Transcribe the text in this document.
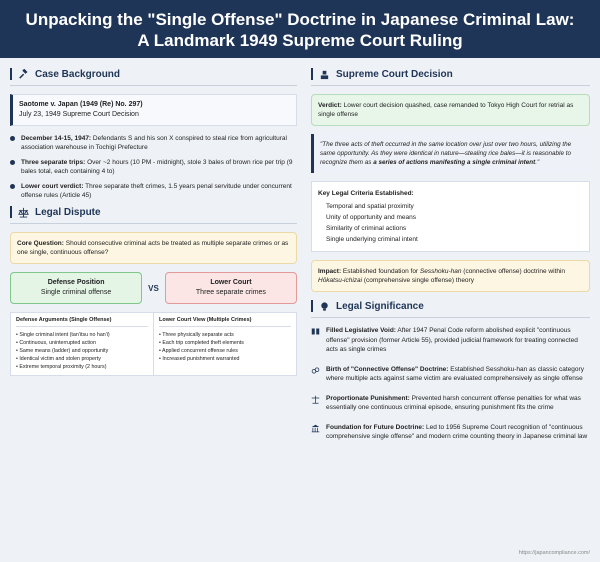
Unpacking the "Single Offense" Doctrine in Japanese Criminal Law:
A Landmark 1949 Supreme Court Ruling
Case Background
Saotome v. Japan (1949 (Re) No. 297)
July 23, 1949 Supreme Court Decision
December 14-15, 1947: Defendants S and his son X conspired to steal rice from agricultural association warehouse in Tochigi Prefecture
Three separate trips: Over ~2 hours (10 PM - midnight), stole 3 bales of brown rice per trip (9 bales total, each containing 4 to)
Lower court verdict: Three separate theft crimes, 1.5 years penal servitude under concurrent offense rules (Article 45)
Legal Dispute
Core Question: Should consecutive criminal acts be treated as multiple separate crimes or as one single, continuous offense?
Defense Position
Single criminal offense	VS
Lower Court
Three separate crimes
Defense Arguments (Single Offense)
• Single criminal intent (tan'itsu no han'i)
• Continuous, uninterrupted action
• Same means (ladder) and opportunity
• Identical victim and stolen property
• Extreme temporal proximity (2 hours)
Lower Court View (Multiple Crimes)
• Three physically separate acts
• Each trip completed theft elements
• Applied concurrent offense rules
• Increased punishment warranted
Supreme Court Decision
Verdict: Lower court decision quashed, case remanded to Tokyo High Court for retrial as single offense
"The three acts of theft occurred in the same location over just over two hours, utilizing the same opportunity. As they were identical in nature—stealing rice bales—it is reasonable to recognize them as a series of actions manifesting a single criminal intent."
Key Legal Criteria Established:
Temporal and spatial proximity
Unity of opportunity and means
Similarity of criminal actions
Single underlying criminal intent
Impact: Established foundation for Sesshoku-han (connective offense) doctrine within Hōkatsu-ichizai (comprehensive single offense) theory
Legal Significance
Filled Legislative Void: After 1947 Penal Code reform abolished explicit "continuous offense" provision (former Article 55), provided judicial framework for treating connected acts as single crimes
Birth of "Connective Offense" Doctrine: Established Sesshoku-han as classic category where multiple acts against same victim are evaluated comprehensively as single offense
Proportionate Punishment: Prevented harsh concurrent offense penalties for what was essentially one continuous criminal episode, ensuring punishment fits the crime
Foundation for Future Doctrine: Led to 1956 Supreme Court recognition of "continuous comprehensive single offense" and modern crime counting theory in Japanese criminal law
https://japancompliance.com/
